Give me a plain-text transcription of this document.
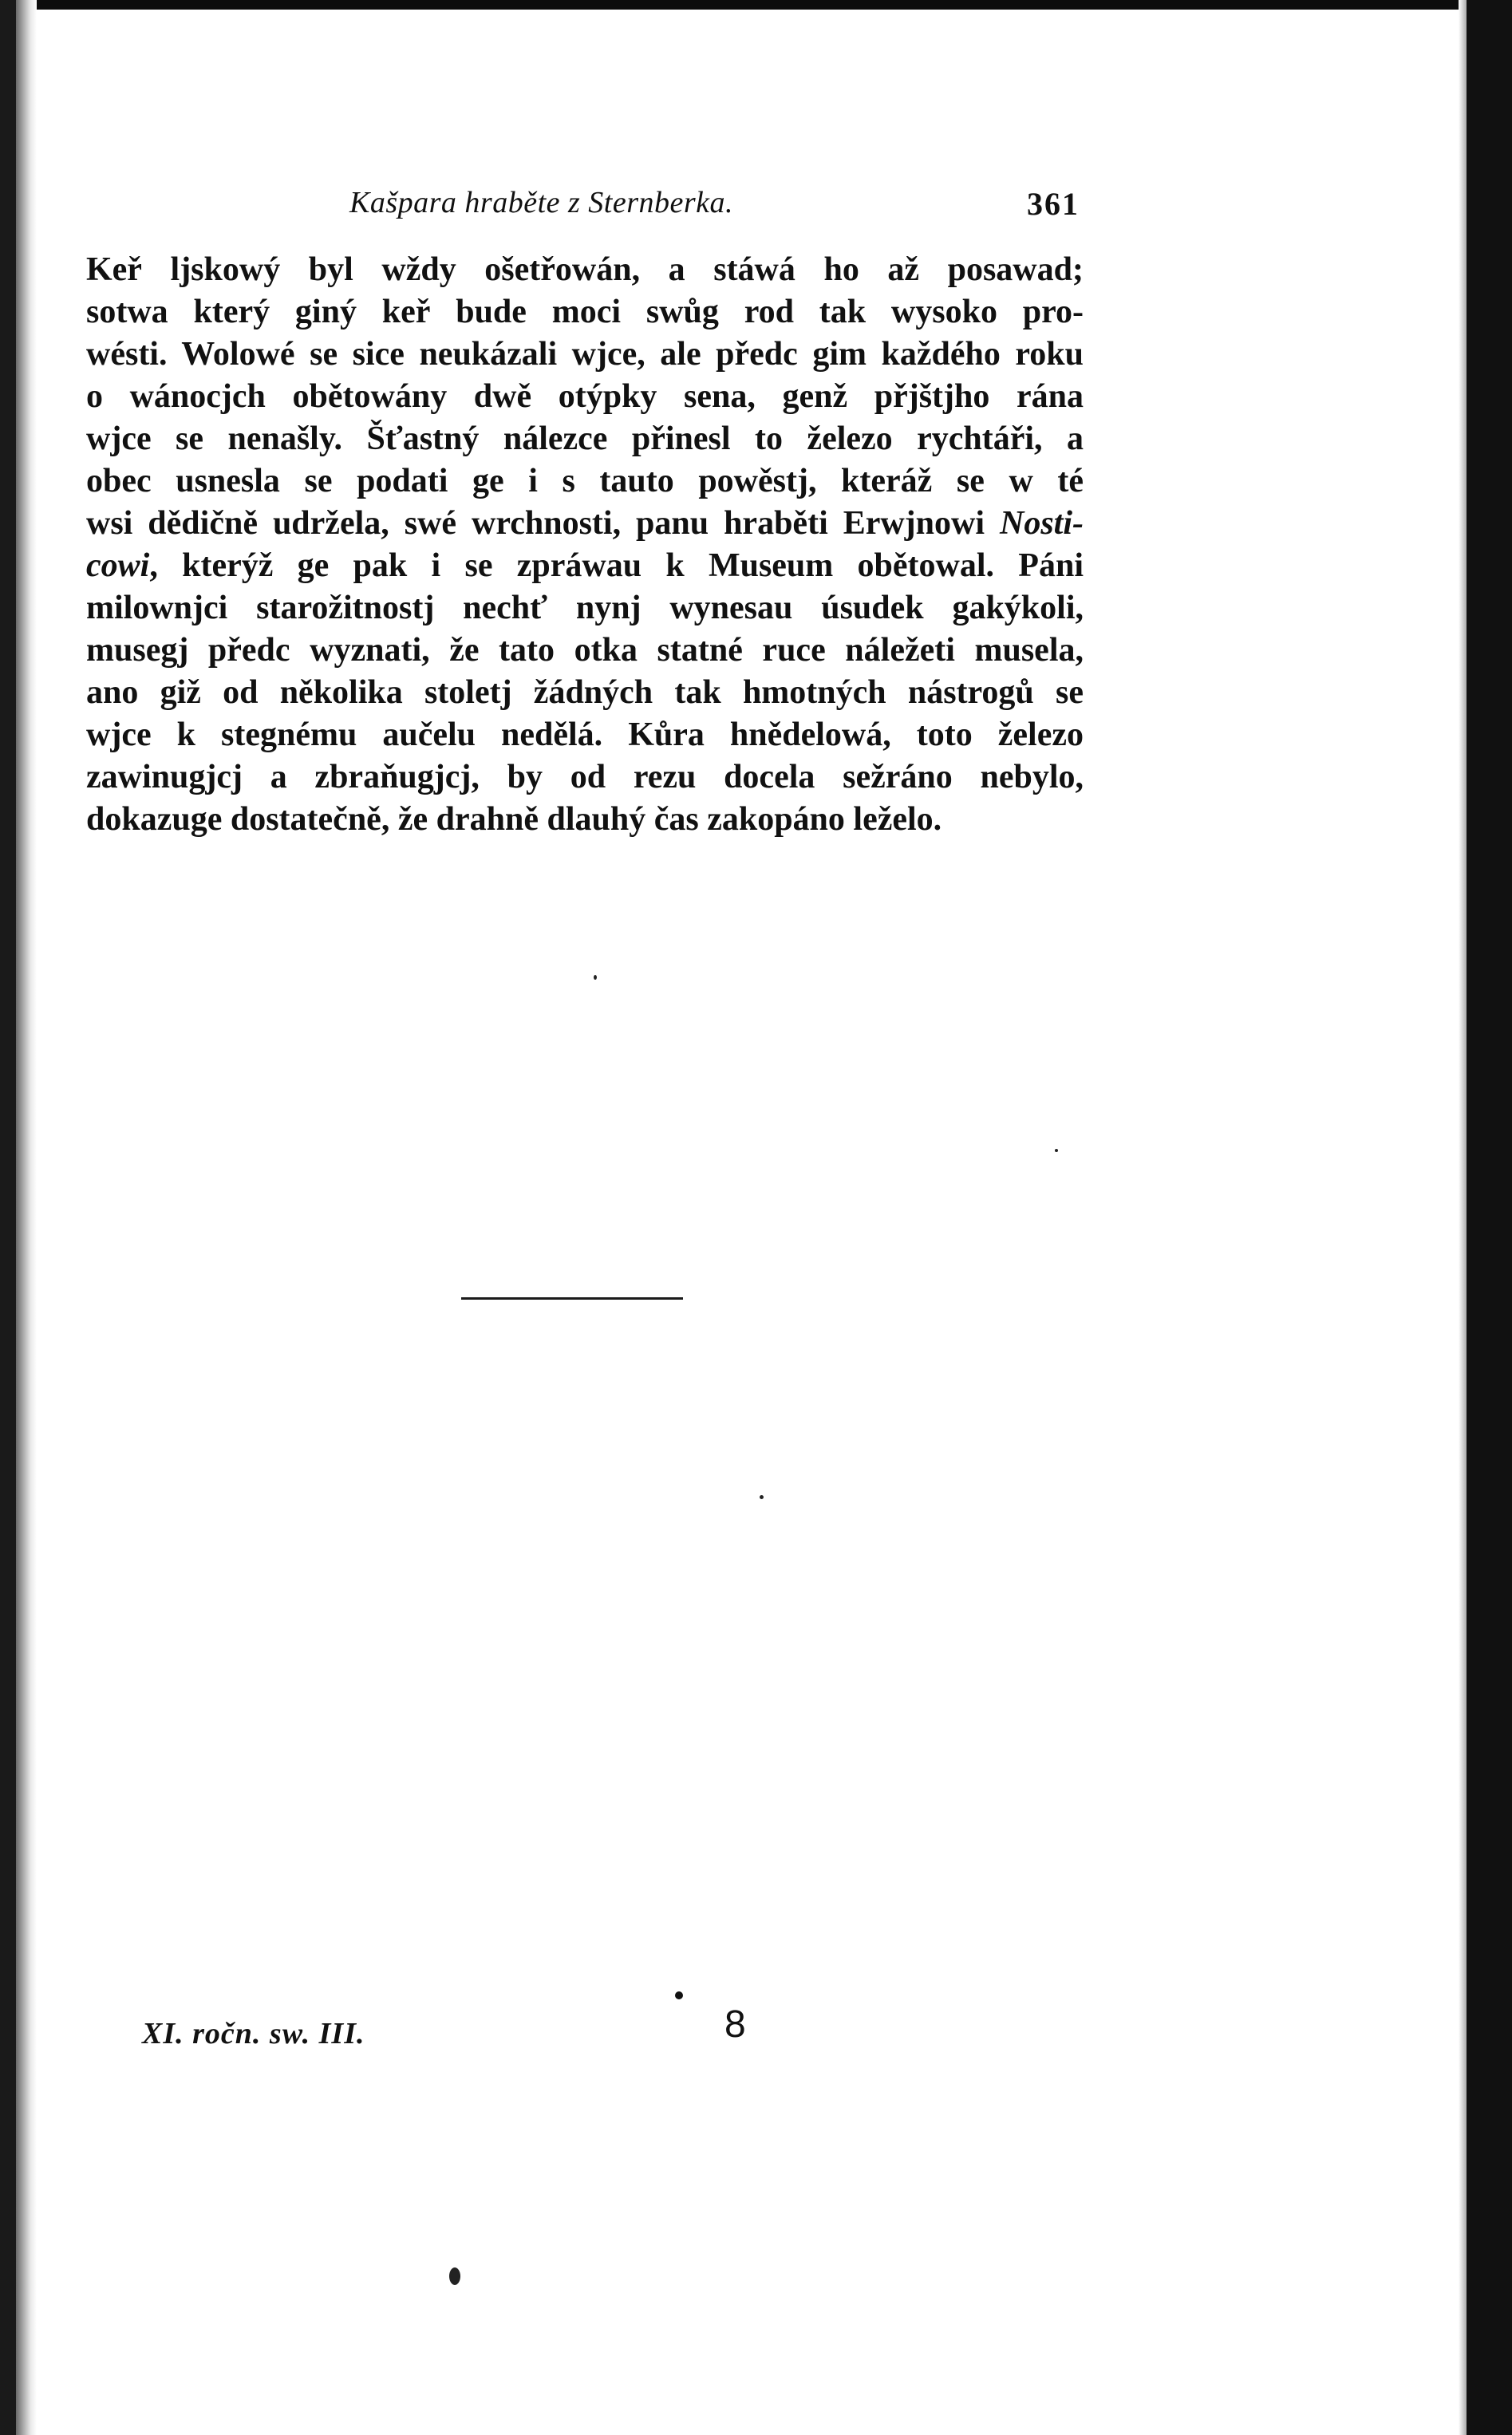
Kašpara hraběte z Sternberka.	361
Keř ljskowý byl wždy ošetřowán, a stáwá ho až posawad;
sotwa který giný keř bude moci swůg rod tak wysoko pro-
wésti. Wolowé se sice neukázali wjce, ale předc gim každého roku
o wánocjch obětowány dwě otýpky sena, genž přjštjho rána
wjce se nenašly. Šťastný nálezce přinesl to železo rychtáři, a
obec usnesla se podati ge i s tauto powěstj, kteráž se w té
wsi dědičně udržela, swé wrchnosti, panu hraběti Erwjnowi Nosti-
cowi, kterýž ge pak i se zpráwau k Museum obětowal. Páni
milownjci starožitnostj nechť nynj wynesau úsudek gakýkoli,
musegj předc wyznati, že tato otka statné ruce náležeti musela,
ano giž od několika stoletj žádných tak hmotných nástrogů se
wjce k stegnému aučelu nedělá. Kůra hnědelowá, toto železo
zawinugjcj a zbraňugjcj, by od rezu docela sežráno nebylo,
dokazuge dostatečně, že drahně dlauhý čas zakopáno leželo.
XI. ročn. sw. III.	8
